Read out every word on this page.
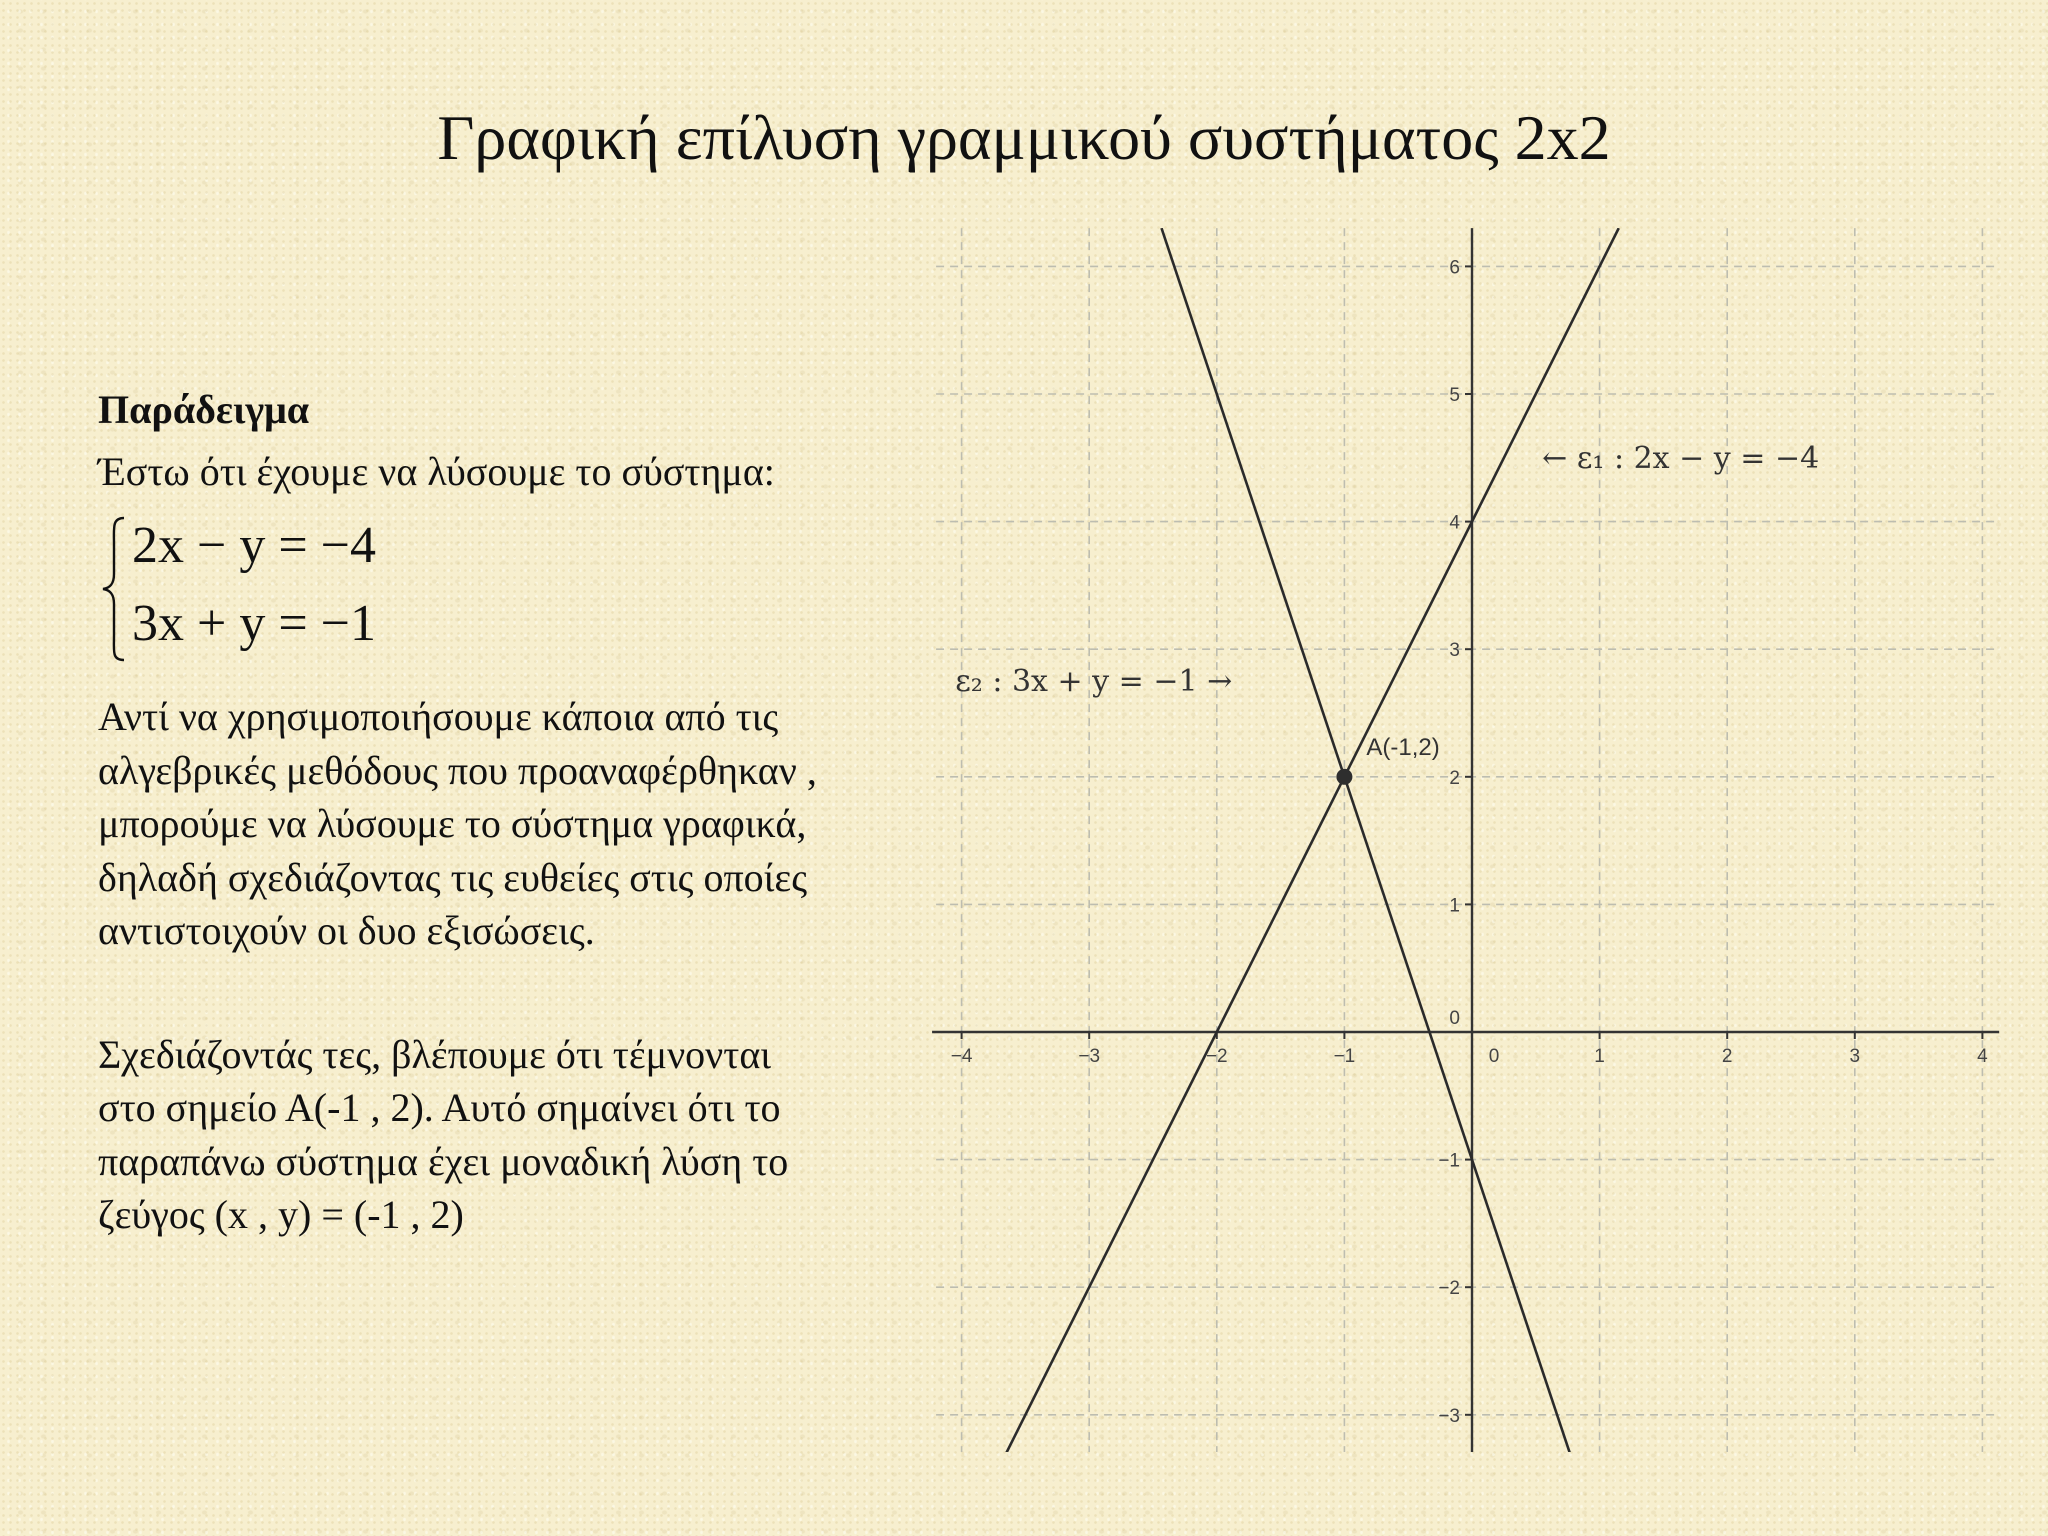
Γραφική επίλυση γραμμικού συστήματος 2x2

Παράδειγμα

Έστω ότι έχουμε να λύσουμε το σύστημα:

2x − y = −4
3x + y = −1
Αντί να χρησιμοποιήσουμε κάποια από τις
αλγεβρικές μεθόδους που προαναφέρθηκαν ,
μπορούμε να λύσουμε το σύστημα γραφικά,
δηλαδή σχεδιάζοντας τις ευθείες στις οποίες
αντιστοιχούν οι δυο εξισώσεις.
Σχεδιάζοντάς τες, βλέπουμε ότι τέμνονται
στο σημείο Α(-1 , 2). Αυτό σημαίνει ότι το
παραπάνω σύστημα έχει μοναδική λύση το
ζεύγος (x , y) = (-1 , 2)
−4	−3	−2	−1	0	1	2	3	4
6
5
4
3
2
1
0
−1
−2
−3
A(-1,2)
← ε₁ : 2x − y = −4
ε₂ : 3x + y = −1 →
